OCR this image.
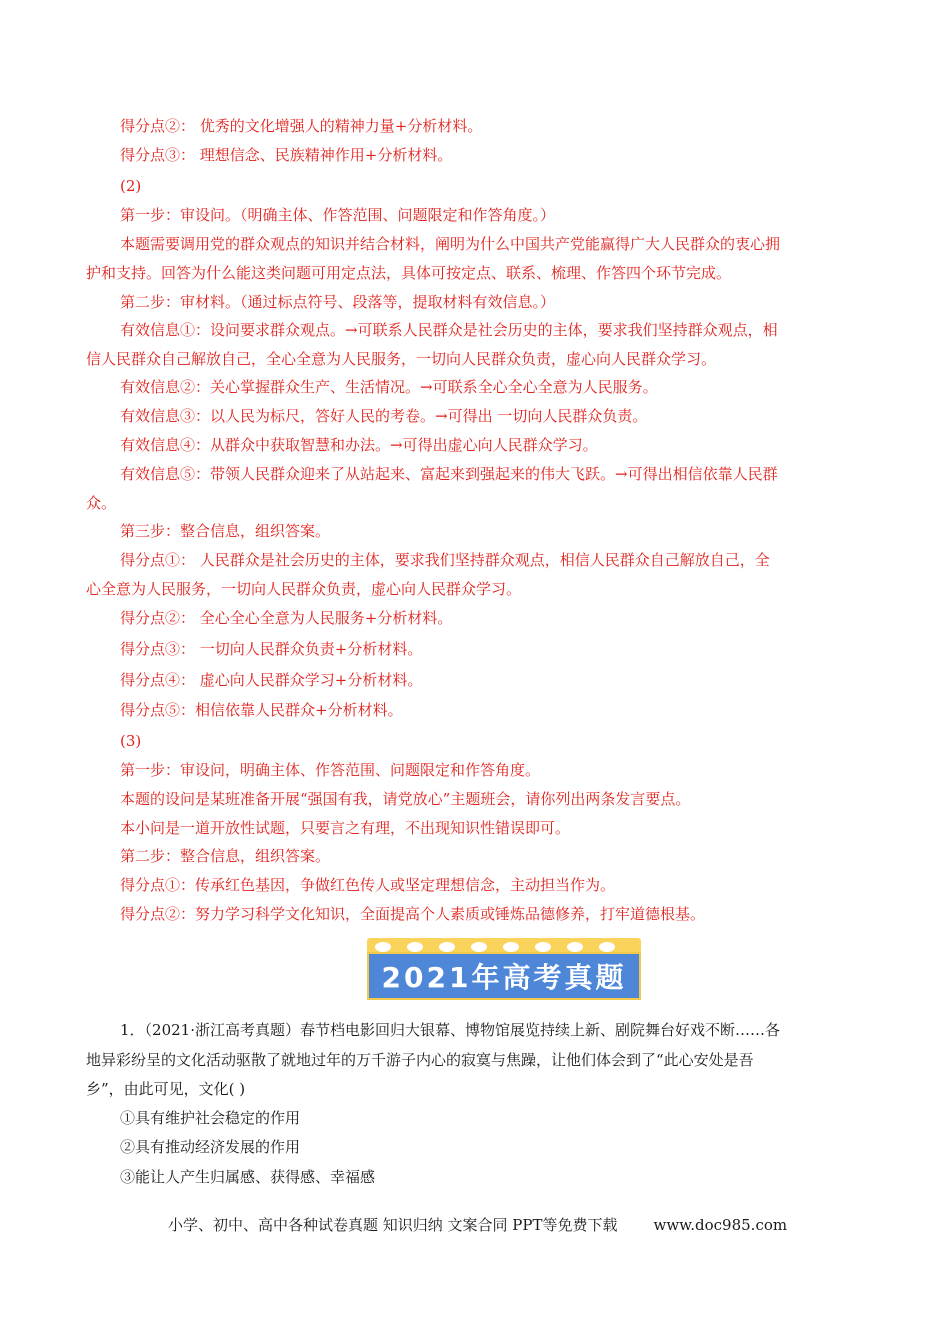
得分点②： 优秀的文化增强人的精神力量+分析材料。
得分点③： 理想信念、民族精神作用+分析材料。
(2)
第一步：审设问。（明确主体、作答范围、问题限定和作答角度。）
本题需要调用党的群众观点的知识并结合材料，阐明为什么中国共产党能赢得广大人民群众的衷心拥
护和支持。回答为什么能这类问题可用定点法，具体可按定点、联系、梳理、作答四个环节完成。
第二步：审材料。（通过标点符号、段落等，提取材料有效信息。）
有效信息①：设问要求群众观点。→可联系人民群众是社会历史的主体，要求我们坚持群众观点，相
信人民群众自己解放自己，全心全意为人民服务，一切向人民群众负责，虚心向人民群众学习。
有效信息②：关心掌握群众生产、生活情况。→可联系全心全心全意为人民服务。
有效信息③：以人民为标尺，答好人民的考卷。→可得出 一切向人民群众负责。
有效信息④：从群众中获取智慧和办法。→可得出虚心向人民群众学习。
有效信息⑤：带领人民群众迎来了从站起来、富起来到强起来的伟大飞跃。→可得出相信依靠人民群
众。
第三步：整合信息，组织答案。
得分点①： 人民群众是社会历史的主体，要求我们坚持群众观点，相信人民群众自己解放自己，全
心全意为人民服务，一切向人民群众负责，虚心向人民群众学习。
得分点②： 全心全心全意为人民服务+分析材料。
得分点③： 一切向人民群众负责+分析材料。
得分点④： 虚心向人民群众学习+分析材料。
得分点⑤：相信依靠人民群众+分析材料。
(3)
第一步：审设问，明确主体、作答范围、问题限定和作答角度。
本题的设问是某班准备开展“强国有我，请党放心”主题班会，请你列出两条发言要点。
本小问是一道开放性试题，只要言之有理，不出现知识性错误即可。
第二步：整合信息，组织答案。
得分点①：传承红色基因，争做红色传人或坚定理想信念，主动担当作为。
得分点②：努力学习科学文化知识，全面提高个人素质或锤炼品德修养，打牢道德根基。
1．（2021·浙江高考真题）春节档电影回归大银幕、博物馆展览持续上新、剧院舞台好戏不断……各
地异彩纷呈的文化活动驱散了就地过年的万千游子内心的寂寞与焦躁，让他们体会到了“此心安处是吾
乡”，由此可见，文化( )
①具有维护社会稳定的作用
②具有推动经济发展的作用
③能让人产生归属感、获得感、幸福感
2021年高考真题
小学、初中、高中各种试卷真题 知识归纳 文案合同 PPT等免费下载 www.doc985.com
